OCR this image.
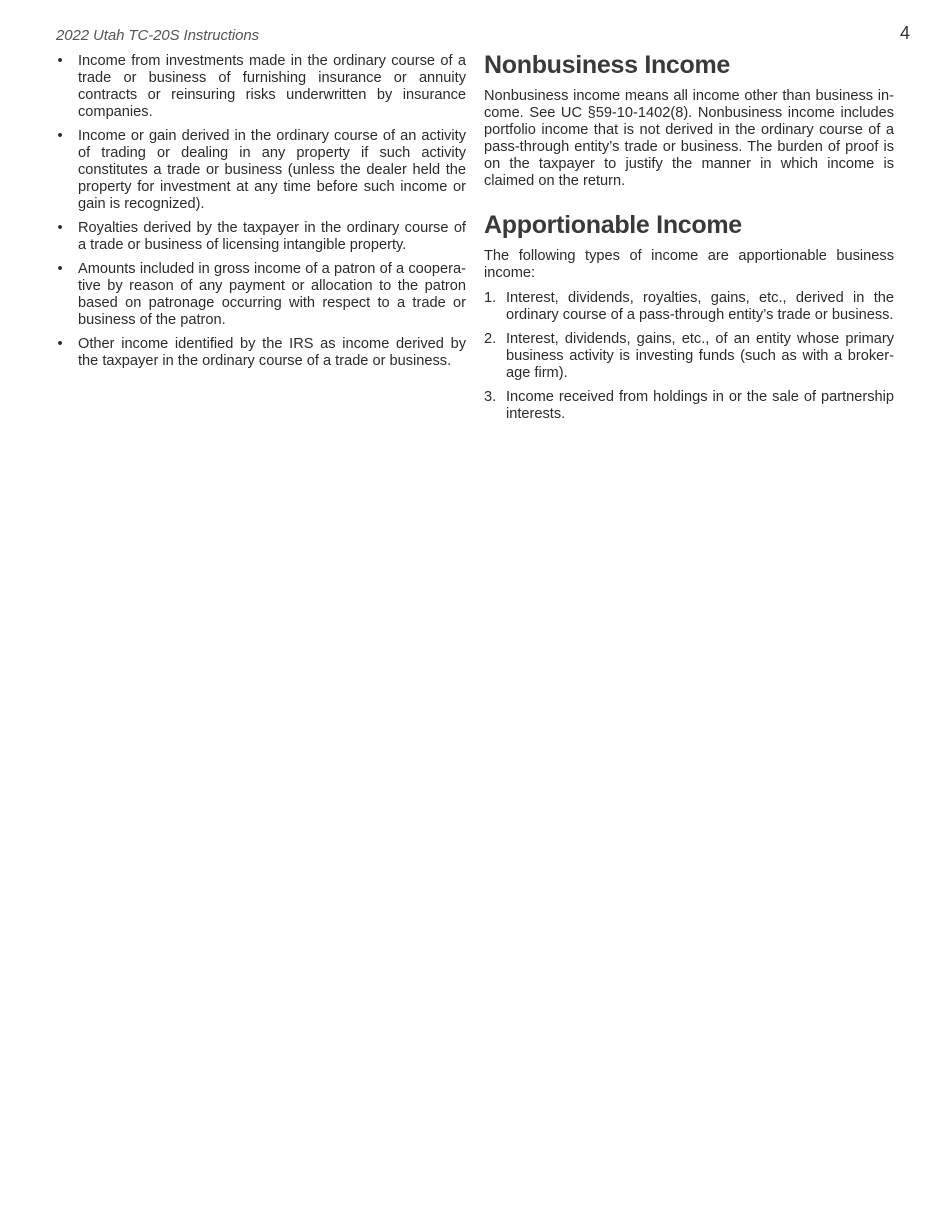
2022 Utah TC-20S Instructions	4
• Income from investments made in the ordinary course of a trade or business of furnishing insurance or annuity contracts or reinsuring risks underwritten by insurance companies.
• Income or gain derived in the ordinary course of an activity of trading or dealing in any property if such activity constitutes a trade or business (unless the dealer held the property for investment at any time before such income or gain is recognized).
• Royalties derived by the taxpayer in the ordinary course of a trade or business of licensing intangible property.
• Amounts included in gross income of a patron of a cooperative by reason of any payment or allocation to the patron based on patronage occurring with respect to a trade or business of the patron.
• Other income identified by the IRS as income derived by the taxpayer in the ordinary course of a trade or business.
Nonbusiness Income

Nonbusiness income means all income other than business income. See UC §59-10-1402(8). Nonbusiness income includes portfolio income that is not derived in the ordinary course of a pass-through entity’s trade or business. The burden of proof is on the taxpayer to justify the manner in which income is claimed on the return.

Apportionable Income

The following types of income are apportionable business income:

1. Interest, dividends, royalties, gains, etc., derived in the ordinary course of a pass-through entity’s trade or business.
2. Interest, dividends, gains, etc., of an entity whose primary business activity is investing funds (such as with a brokerage firm).
3. Income received from holdings in or the sale of partnership interests.
